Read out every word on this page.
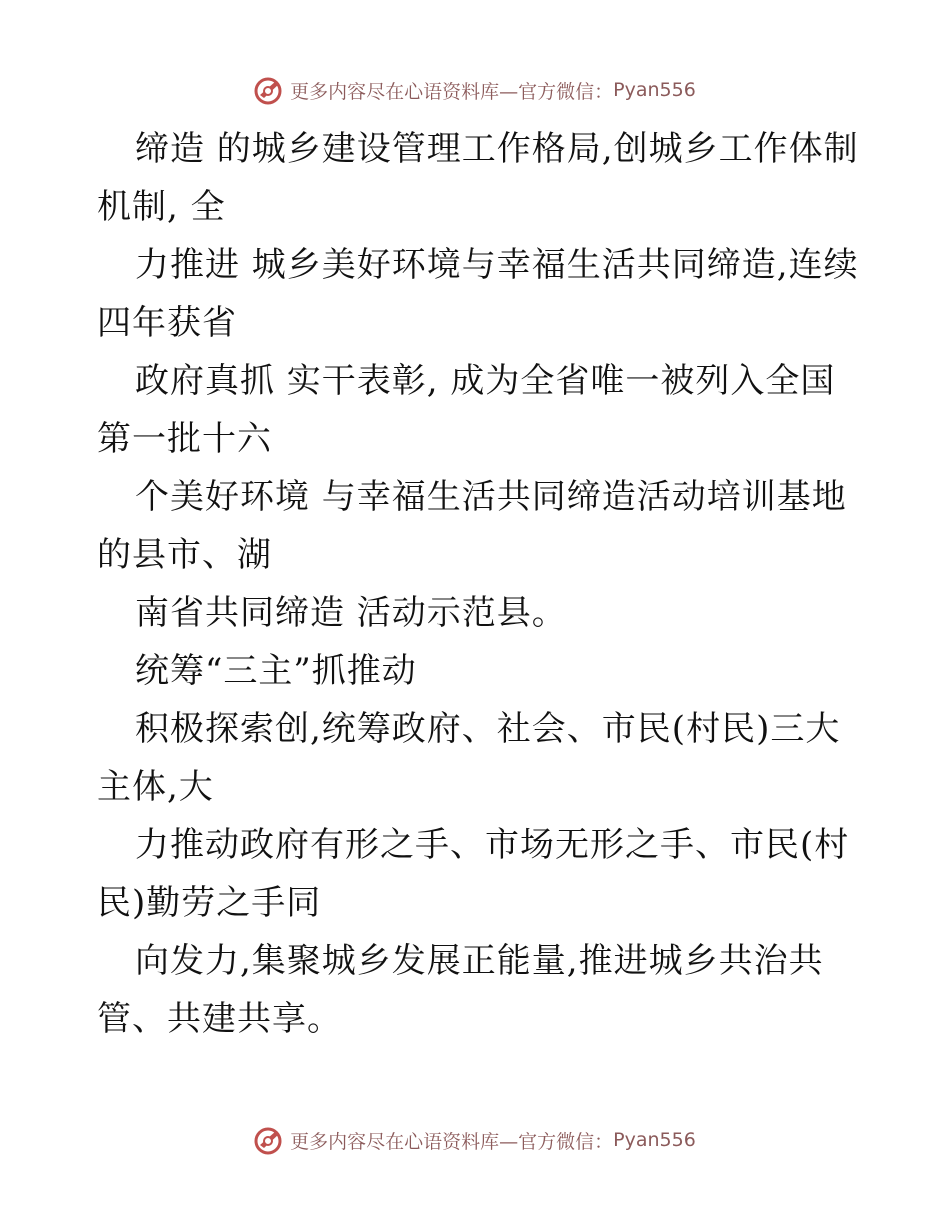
更多内容尽在心语资料库—官方微信： Pyan556
缔造 的城乡建设管理工作格局,创城乡工作体制
机制, 全
力推进 城乡美好环境与幸福生活共同缔造,连续
四年获省
政府真抓 实干表彰, 成为全省唯一被列入全国
第一批十六
个美好环境 与幸福生活共同缔造活动培训基地
的县市、湖
南省共同缔造 活动示范县。
统筹“三主”抓推动
积极探索创,统筹政府、社会、市民(村民)三大
主体,大
力推动政府有形之手、市场无形之手、市民(村
民)勤劳之手同
向发力,集聚城乡发展正能量,推进城乡共治共
管、共建共享。
更多内容尽在心语资料库—官方微信： Pyan556
